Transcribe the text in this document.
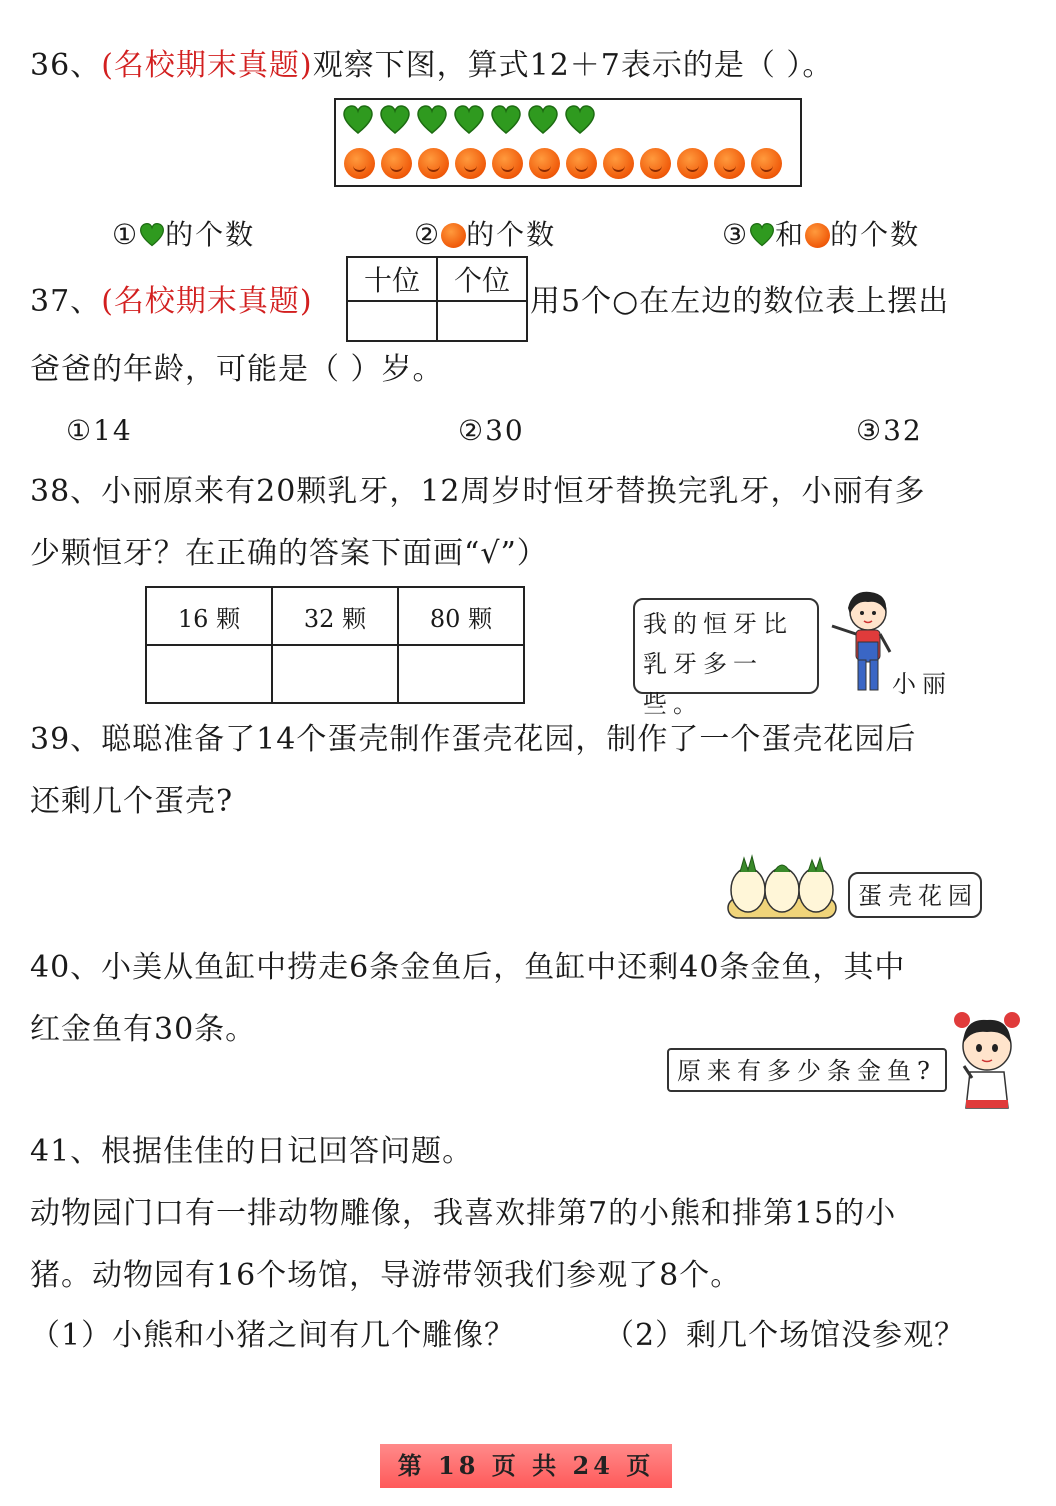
36、(名校期末真题)观察下图，算式12＋7表示的是（ ）。
① 的个数	② 的个数	③ 和 的个数
37、(名校期末真题)
十位	个位

用5个○在左边的数位表上摆出
爸爸的年龄，可能是（ ）岁。
①14	②30	③32
38、小丽原来有20颗乳牙，12周岁时恒牙替换完乳牙，小丽有多
少颗恒牙？在正确的答案下面画“√”）
16 颗	32 颗	80 颗
			我的恒牙比
乳牙多一些。
小丽
39、聪聪准备了14个蛋壳制作蛋壳花园，制作了一个蛋壳花园后
还剩几个蛋壳?
蛋壳花园
40、小美从鱼缸中捞走6条金鱼后，鱼缸中还剩40条金鱼，其中
红金鱼有30条。
原来有多少条金鱼?
41、根据佳佳的日记回答问题。
动物园门口有一排动物雕像，我喜欢排第7的小熊和排第15的小
猪。动物园有16个场馆，导游带领我们参观了8个。
（1）小熊和小猪之间有几个雕像？	（2）剩几个场馆没参观？
第 18 页 共 24 页
